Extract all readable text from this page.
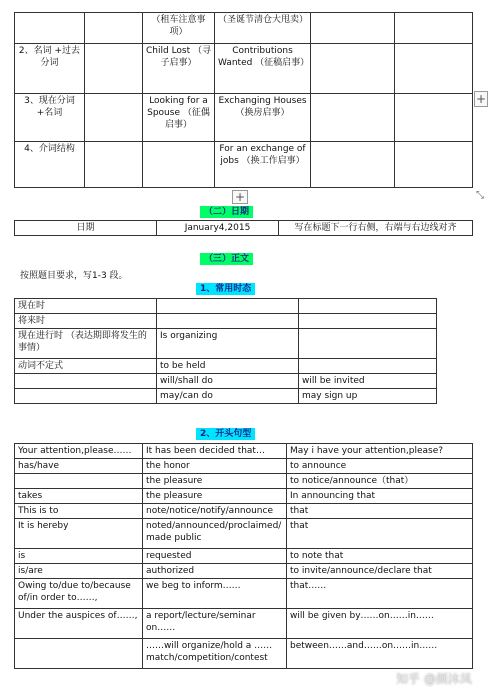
		（租车注意事项）	（圣诞节清仓大甩卖）		
2、名词 +过去分词		Child Lost （寻子启事）	Contributions Wanted （征稿启事）		
3、现在分词 +名词		Looking for a Spouse （征偶启事）	Exchanging Houses （换房启事）		
4、介词结构			For an exchange of jobs （换工作启事）		
+
+	⤡
（二）日期
日期	January4,2015	写在标题下一行右侧，右端与右边线对齐
（三）正文
按照题目要求，写1-3 段。
1、常用时态
现在时		
将来时		
现在进行时 （表达期即将发生的事情）	Is organizing	
动词不定式	to be held	
	will/shall do	will be invited
	may/can do	may sign up
2、开头句型
Your attention,please……	It has been decided that…	May i have your attention,please?
has/have	the honor	to announce
	the pleasure	to notice/announce（that）
takes	the pleasure	In announcing that
This is to	note/notice/notify/announce	that
It is hereby	noted/announced/proclaimed/ made public	that
is	requested	to note that
is/are	authorized	to invite/announce/declare that
Owing to/due to/because of/in order to……,	we beg to inform……	that……
Under the auspices of……,	a report/lecture/seminar on……	will be given by……on……in……
	……will organize/hold a …… match/competition/contest	between……and……on……in……
知乎 @颜沐凤
